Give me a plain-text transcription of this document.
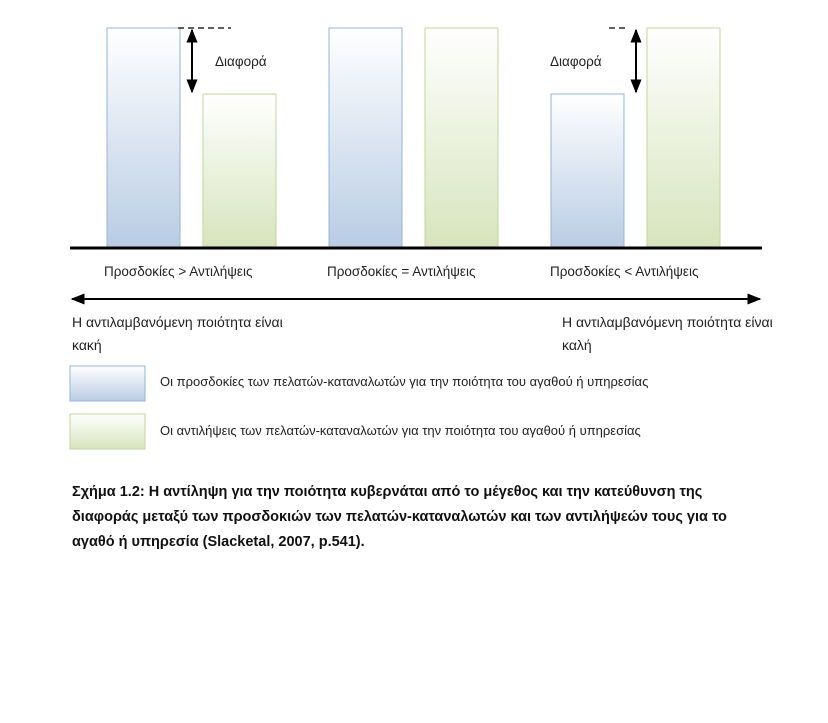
Προσδοκίες > Αντιλήψεις	Προσδοκίες = Αντιλήψεις	Προσδοκίες < Αντιλήψεις
Διαφορά	Διαφορά
Η αντιλαμβανόμενη ποιότητα είναι κακή
Η αντιλαμβανόμενη ποιότητα είναι καλή
Οι προσδοκίες των πελατών-καταναλωτών για την ποιότητα του αγαθού ή υπηρεσίας
Οι αντιλήψεις των πελατών-καταναλωτών για την ποιότητα του αγαθού ή υπηρεσίας
Σχήμα 1.2: Η αντίληψη για την ποιότητα κυβερνάται από το μέγεθος και την κατεύθυνση της διαφοράς μεταξύ των προσδοκιών των πελατών-καταναλωτών και των αντιλήψεών τους για το αγαθό ή υπηρεσία (Slacketal, 2007, p.541).
